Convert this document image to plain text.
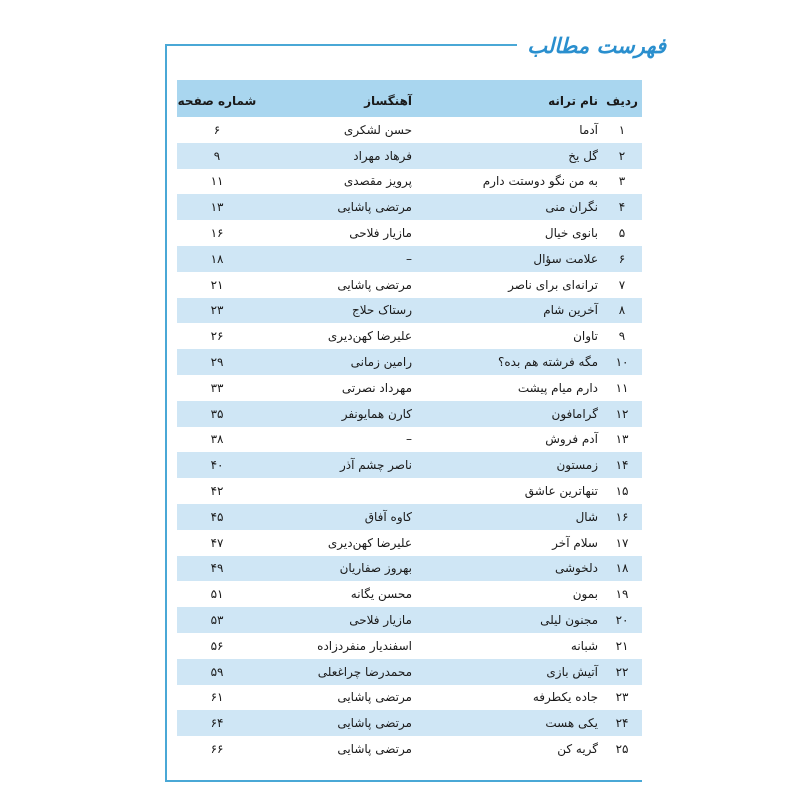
فهرست مطالب
ردیف
نام ترانه
آهنگساز
شماره صفحه
۱
آدما
حسن لشکری
۶
۲
گل یخ
فرهاد مهراد
۹
۳
به من نگو دوستت دارم
پرویز مقصدی
۱۱
۴
نگران منی
مرتضی پاشایی
۱۳
۵
بانوی خیال
مازیار فلاحی
۱۶
۶
علامت سؤال
–
۱۸
۷
ترانه‌ای برای ناصر
مرتضی پاشایی
۲۱
۸
آخرین شام
رستاک حلاج
۲۳
۹
تاوان
علیرضا کهن‌دیری
۲۶
۱۰
مگه فرشته هم بده؟
رامین زمانی
۲۹
۱۱
دارم میام پیشت
مهرداد نصرتی
۳۳
۱۲
گرامافون
کارن همایونفر
۳۵
۱۳
آدم فروش
–
۳۸
۱۴
زمستون
ناصر چشم آذر
۴۰
۱۵
تنهاترین عاشق
۴۲
۱۶
شال
کاوه آفاق
۴۵
۱۷
سلام آخر
علیرضا کهن‌دیری
۴۷
۱۸
دلخوشی
بهروز صفاریان
۴۹
۱۹
بمون
محسن یگانه
۵۱
۲۰
مجنون لیلی
مازیار فلاحی
۵۳
۲۱
شبانه
اسفندیار منفردزاده
۵۶
۲۲
آتیش بازی
محمدرضا چراغعلی
۵۹
۲۳
جاده یکطرفه
مرتضی پاشایی
۶۱
۲۴
یکی هست
مرتضی پاشایی
۶۴
۲۵
گریه کن
مرتضی پاشایی
۶۶
